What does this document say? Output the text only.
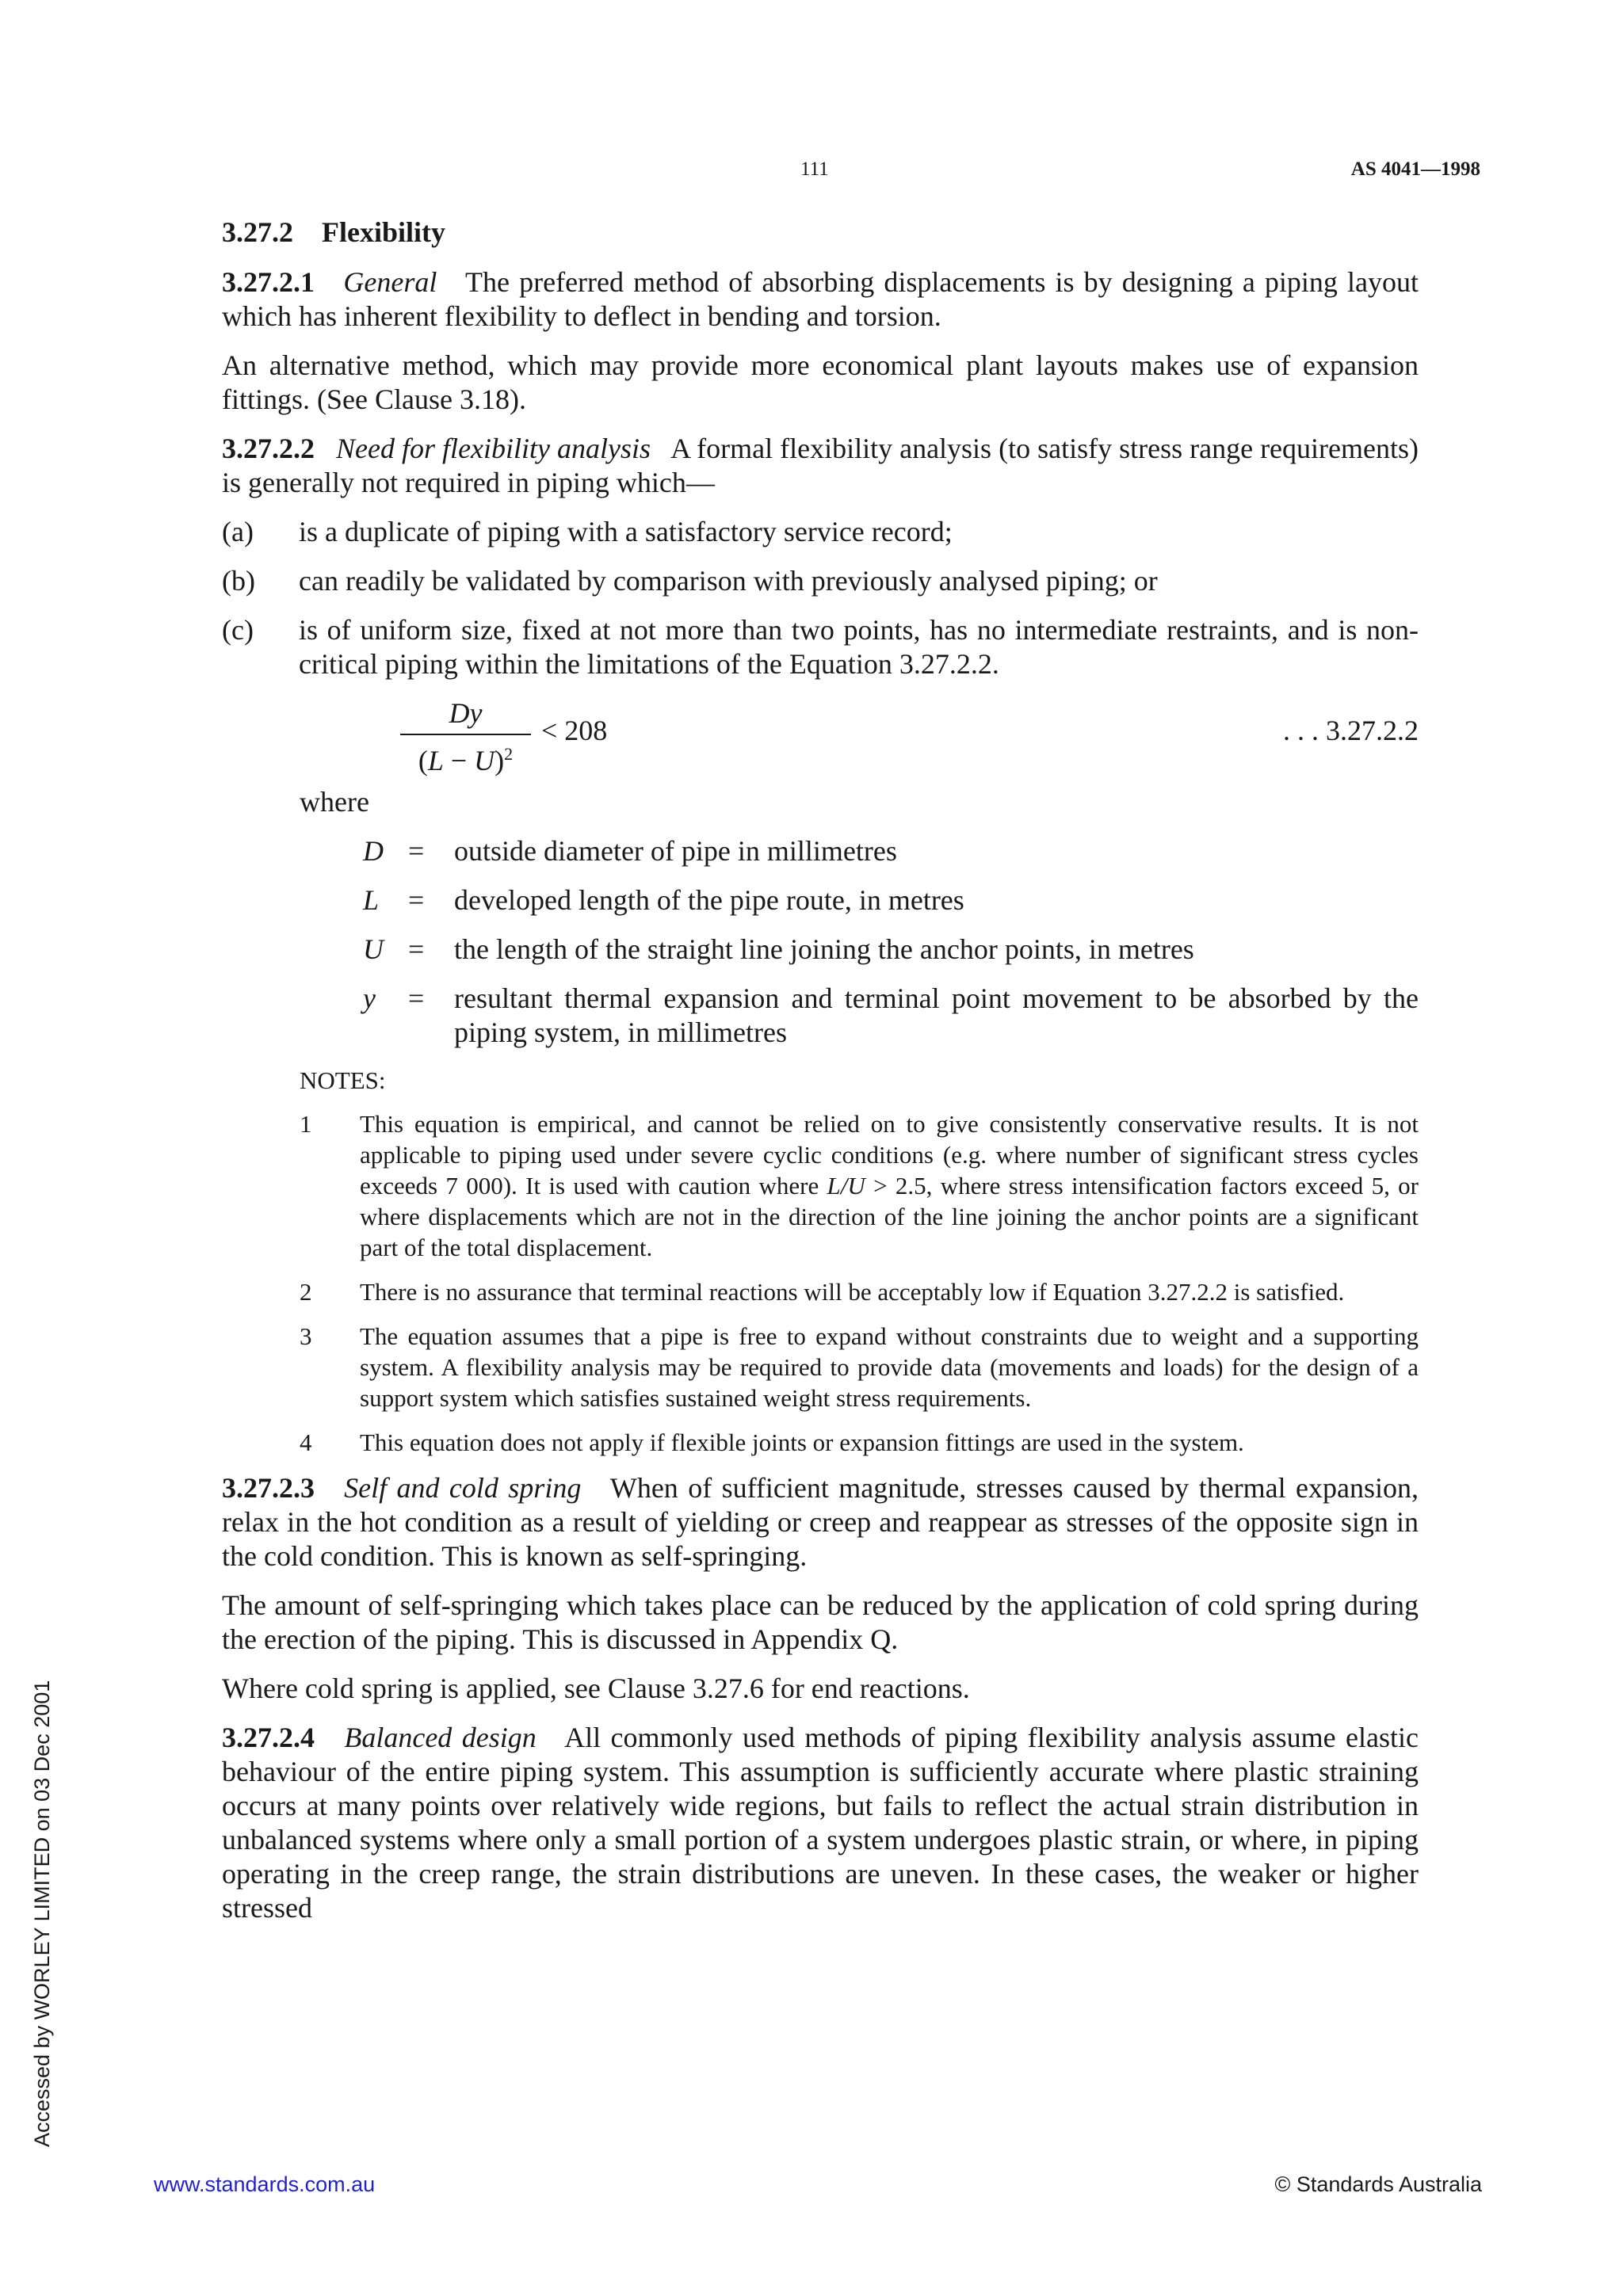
111	AS 4041—1998
3.27.2 Flexibility

3.27.2.1 General The preferred method of absorbing displacements is by designing a piping layout which has inherent flexibility to deflect in bending and torsion.

An alternative method, which may provide more economical plant layouts makes use of expansion fittings. (See Clause 3.18).

3.27.2.2 Need for flexibility analysis A formal flexibility analysis (to satisfy stress range requirements) is generally not required in piping which—

(a)	is a duplicate of piping with a satisfactory service record;
(b)	can readily be validated by comparison with previously analysed piping; or
(c)	is of uniform size, fixed at not more than two points, has no intermediate restraints, and is non-critical piping within the limitations of the Equation 3.27.2.2.
Dy
$(L - U)^2$
< 208	. . . 3.27.2.2
where
D =	outside diameter of pipe in millimetres
L	=	developed length of the pipe route, in metres
U =	the length of the straight line joining the anchor points, in metres
y	=	resultant thermal expansion and terminal point movement to be absorbed by the piping system, in millimetres
NOTES:
1	This equation is empirical, and cannot be relied on to give consistently conservative results. It is not applicable to piping used under severe cyclic conditions (e.g. where number of significant stress cycles exceeds 7 000). It is used with caution where L/U > 2.5, where stress intensification factors exceed 5, or where displacements which are not in the direction of the line joining the anchor points are a significant part of the total displacement.
2	There is no assurance that terminal reactions will be acceptably low if Equation 3.27.2.2 is satisfied.
3	The equation assumes that a pipe is free to expand without constraints due to weight and a supporting system. A flexibility analysis may be required to provide data (movements and loads) for the design of a support system which satisfies sustained weight stress requirements.
4	This equation does not apply if flexible joints or expansion fittings are used in the system.

3.27.2.3 Self and cold spring When of sufficient magnitude, stresses caused by thermal expansion, relax in the hot condition as a result of yielding or creep and reappear as stresses of the opposite sign in the cold condition. This is known as self-springing.

The amount of self-springing which takes place can be reduced by the application of cold spring during the erection of the piping. This is discussed in Appendix Q.

Where cold spring is applied, see Clause 3.27.6 for end reactions.

3.27.2.4 Balanced design All commonly used methods of piping flexibility analysis assume elastic behaviour of the entire piping system. This assumption is sufficiently accurate where plastic straining occurs at many points over relatively wide regions, but fails to reflect the actual strain distribution in unbalanced systems where only a small portion of a system undergoes plastic strain, or where, in piping operating in the creep range, the strain distributions are uneven. In these cases, the weaker or higher stressed

Accessed by WORLEY LIMITED on 03 Dec 2001
www.standards.com.au	© Standards Australia
